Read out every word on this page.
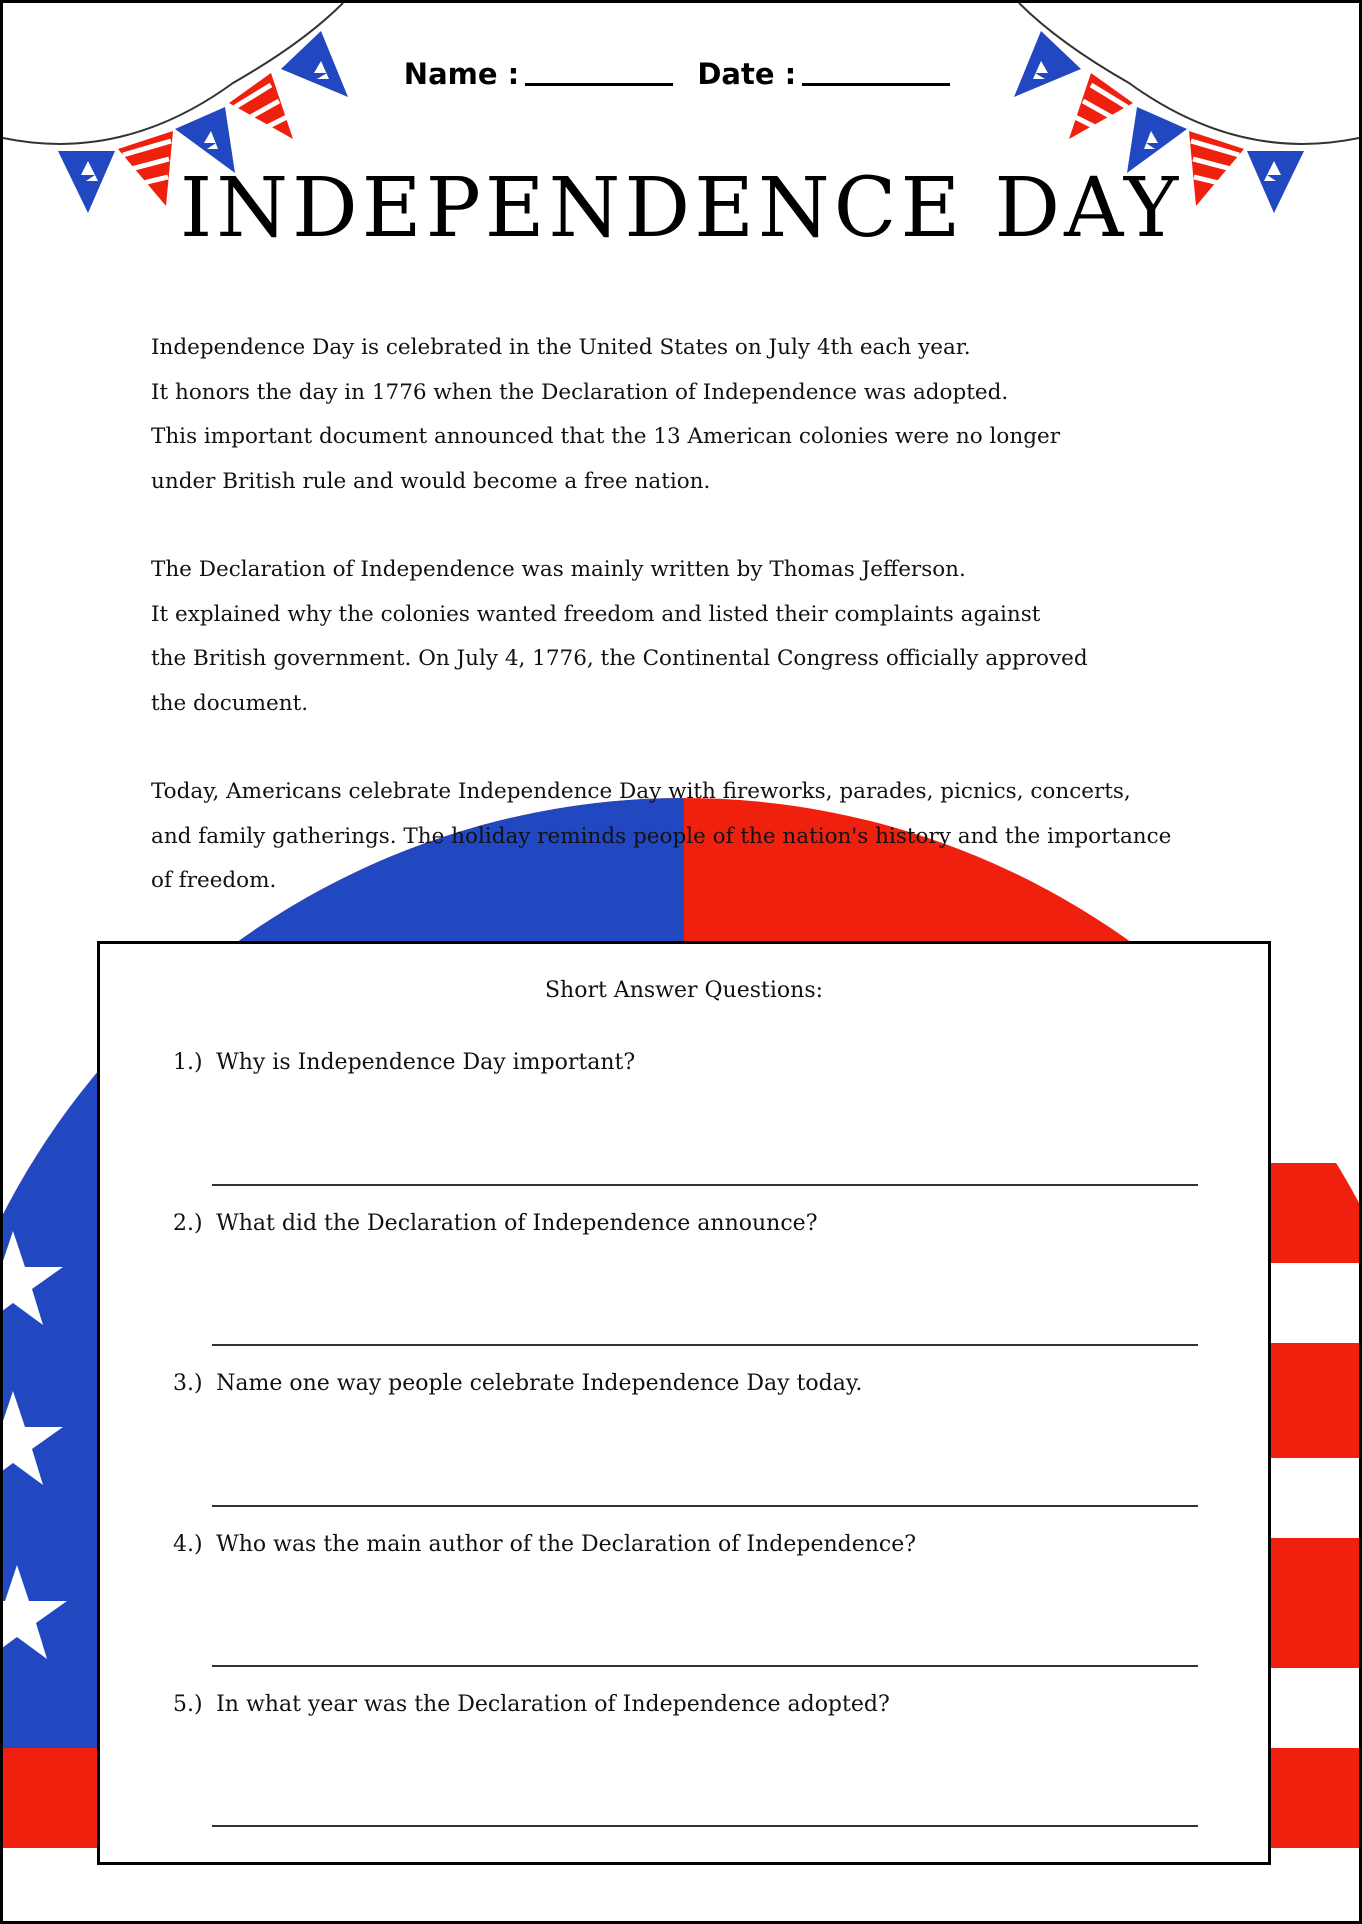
Name :	Date :
INDEPENDENCE DAY

Independence Day is celebrated in the United States on July 4th each year.
It honors the day in 1776 when the Declaration of Independence was adopted.
This important document announced that the 13 American colonies were no longer
under British rule and would become a free nation.

The Declaration of Independence was mainly written by Thomas Jefferson.
It explained why the colonies wanted freedom and listed their complaints against
the British government. On July 4, 1776, the Continental Congress officially approved
the document.

Today, Americans celebrate Independence Day with fireworks, parades, picnics, concerts,
and family gatherings. The holiday reminds people of the nation's history and the importance
of freedom.

Short Answer Questions:
1.) Why is Independence Day important?
2.) What did the Declaration of Independence announce?
3.) Name one way people celebrate Independence Day today.
4.) Who was the main author of the Declaration of Independence?
5.) In what year was the Declaration of Independence adopted?
